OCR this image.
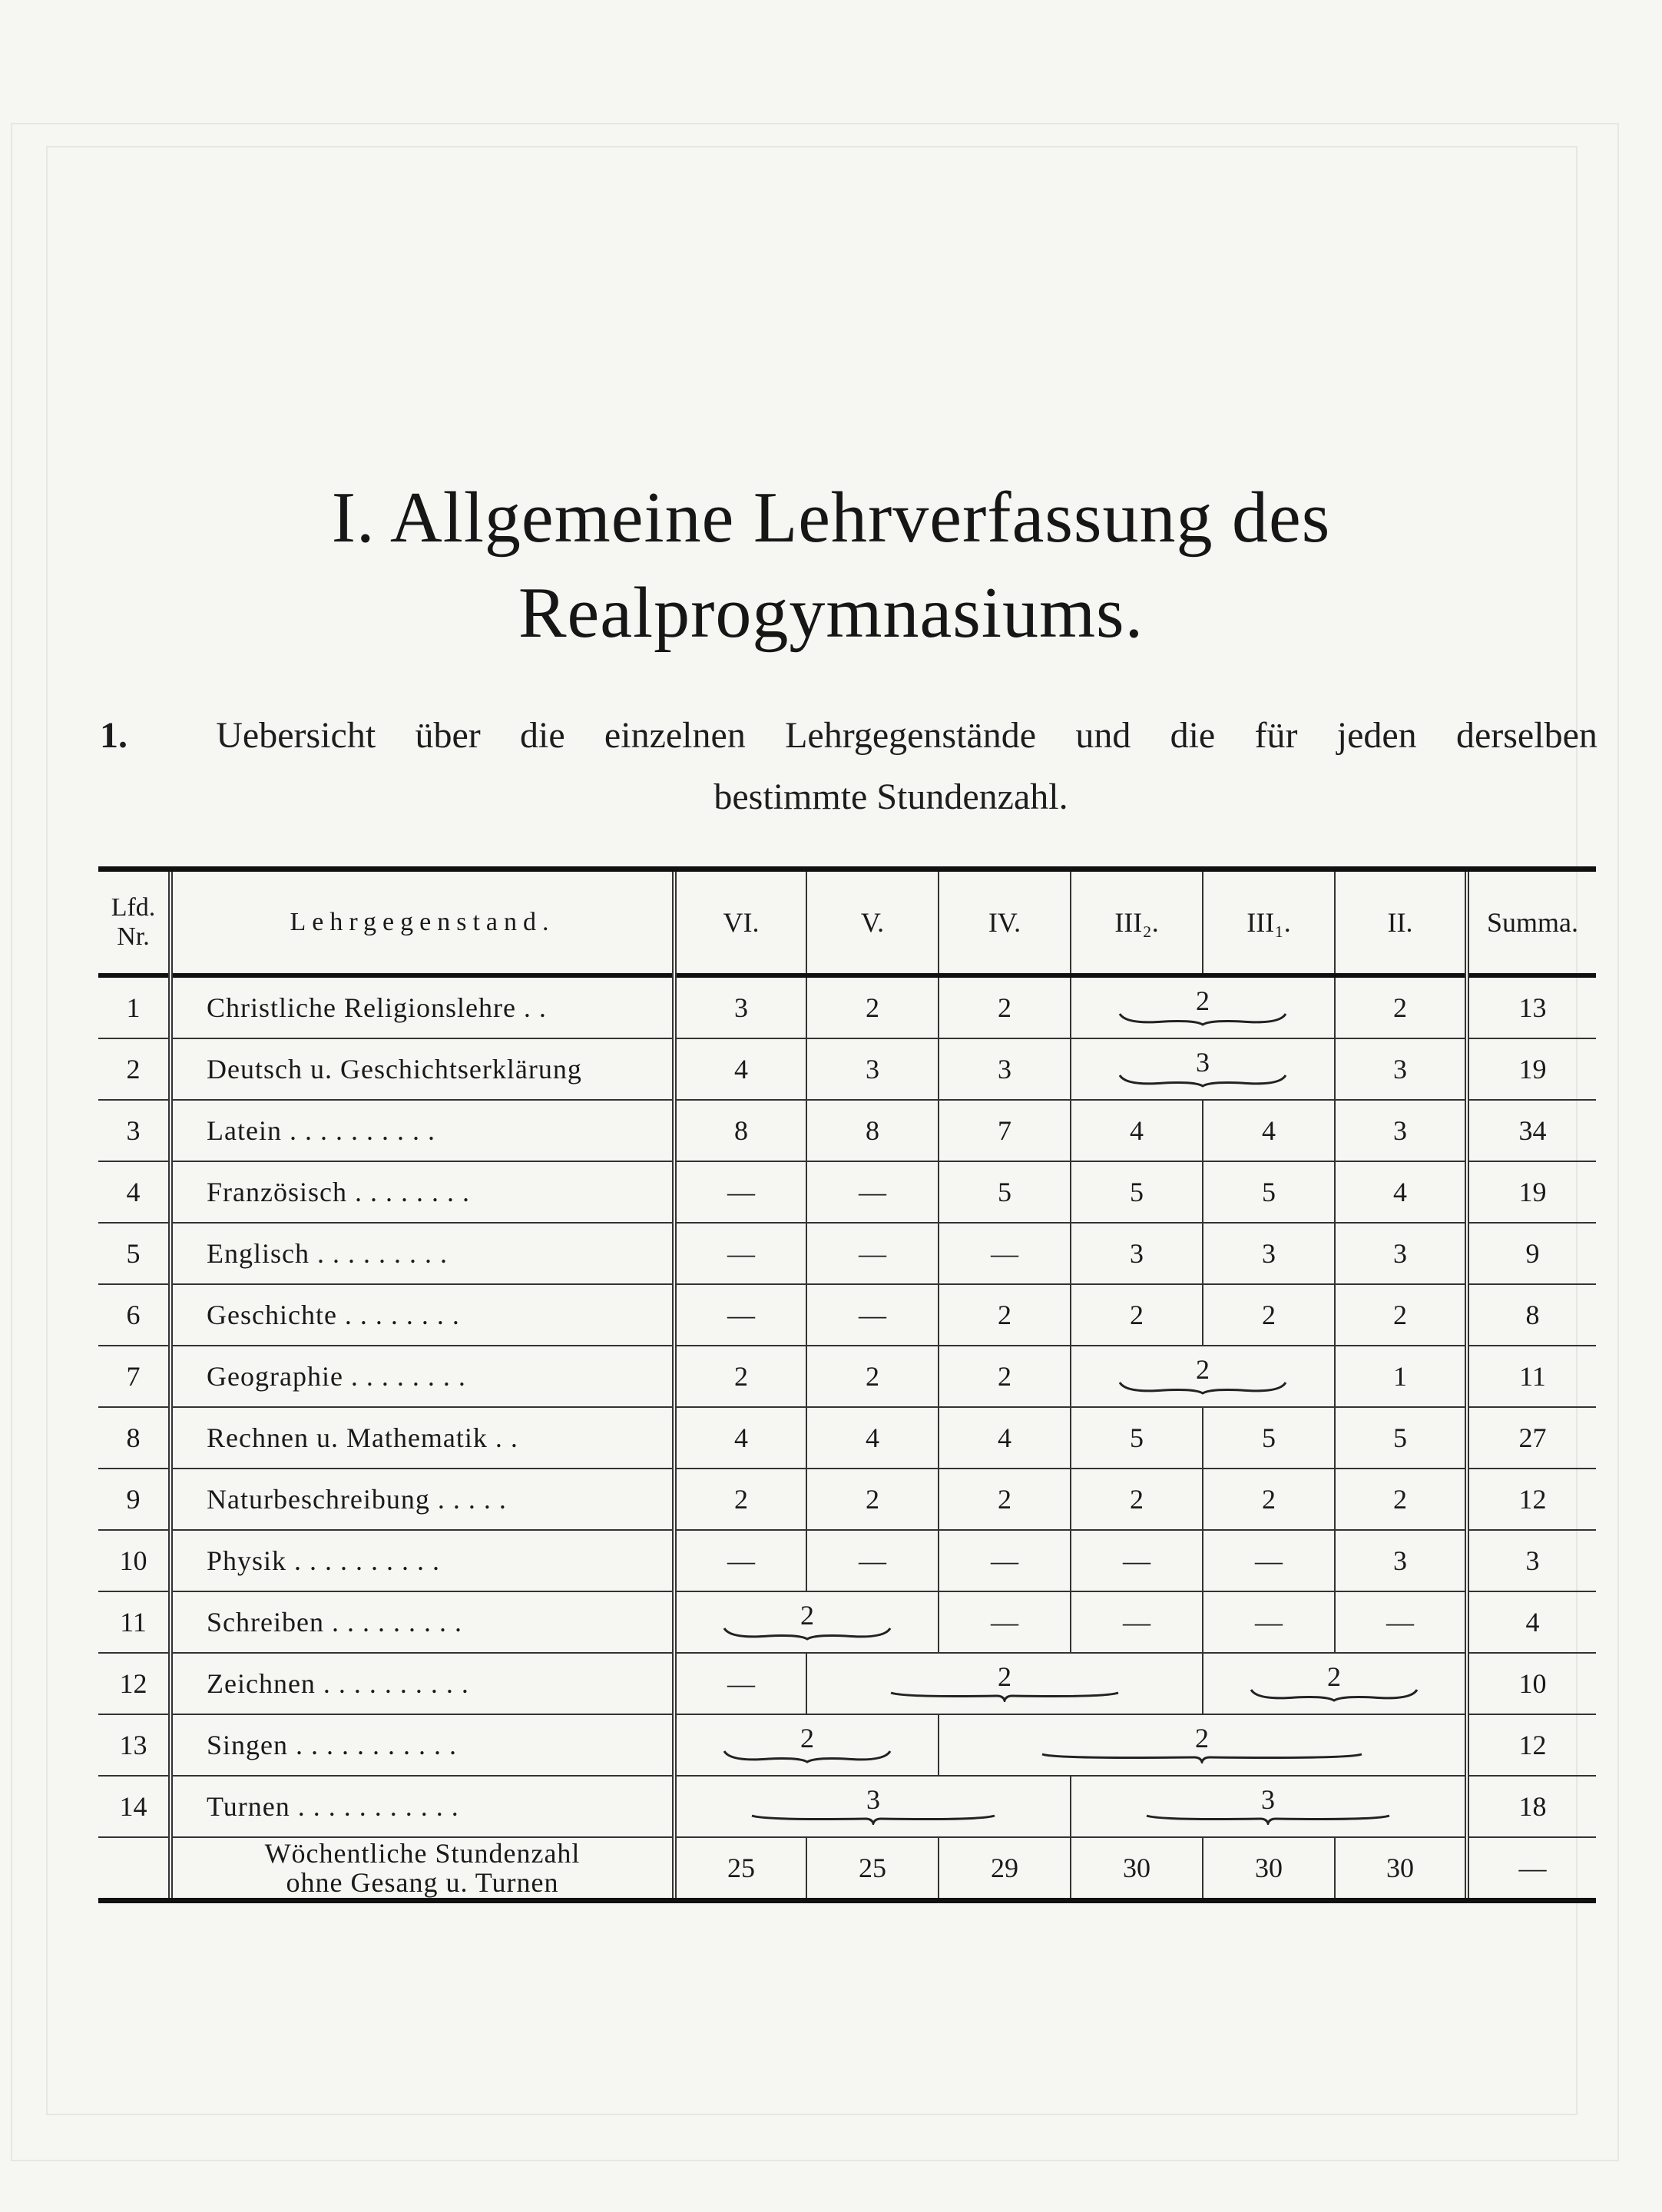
I. Allgemeine Lehrverfassung des
Realprogymnasiums.
1.	Uebersicht über die einzelnen Lehrgegenstände und die für jeden derselben
bestimmte Stundenzahl.
Lfd.
Nr.	Lehrgegenstand.	VI.	V.	IV.	III₂.	III₁.	II.	Summa.
1	Christliche Religionslehre . .	3	2	2	2		2	13
2	Deutsch u. Geschichtserklärung	4	3	3	3		3	19
3	Latein . . . . . . . . . .	8	8	7	4	4	3	34
4	Französisch . . . . . . . .	—	—	5	5	5	4	19
5	Englisch . . . . . . . . .	—	—	—	3	3	3	9
6	Geschichte . . . . . . . .	—	—	2	2	2	2	8
7	Geographie . . . . . . . .	2	2	2	2		1	11
8	Rechnen u. Mathematik . .	4	4	4	5	5	5	27
9	Naturbeschreibung . . . . .	2	2	2	2	2	2	12
10	Physik . . . . . . . . . .	—	—	—	—	—	3	3
11	Schreiben . . . . . . . . .	2		—	—	—	—	4
12	Zeichnen . . . . . . . . . .	—	2			2		10
13	Singen . . . . . . . . . . .	2		2				12
14	Turnen . . . . . . . . . . .	3			3			18
	Wöchentliche Stundenzahl
ohne Gesang u. Turnen	25	25	29	30	30	30	—
